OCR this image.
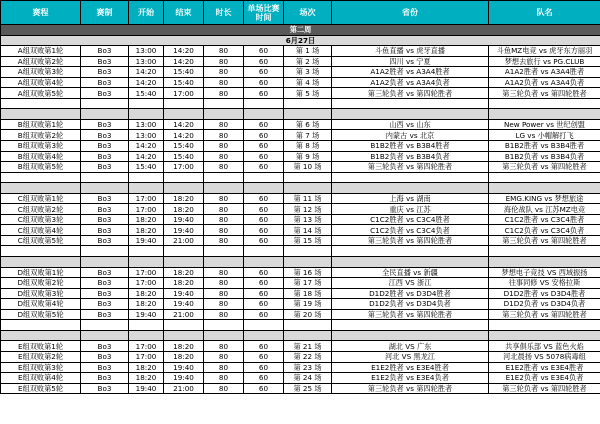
赛程	赛制	开始	结束	时长	单场比赛时间	场次	省份	队名
第二周								
6月27日								
A组双败第1轮	Bo3	13:00	14:20	80	60	第 1 场	斗鱼直播 vs 虎牙直播	斗鱼MZ电竞 vs 虎牙东方丽羽
A组双败第2轮	Bo3	13:00	14:20	80	60	第 2 场	四川 vs 宁夏	梦想去旅行 vs PG.CLUB
A组双败第3轮	Bo3	14:20	15:40	80	60	第 3 场	A1A2胜者 vs A3A4胜者	A1A2胜者 vs A3A4胜者
A组双败第4轮	Bo3	14:20	15:40	80	60	第 4 场	A1A2负者 vs A3A4负者	A1A2负者 vs A3A4负者
A组双败第5轮	Bo3	15:40	17:00	80	60	第 5 场	第三轮负者 vs 第四轮胜者	第三轮负者 vs 第四轮胜者

B组双败第1轮	Bo3	13:00	14:20	80	60	第 6 场	山西 vs 山东	New Power vs 世纪创盟
B组双败第2轮	Bo3	13:00	14:20	80	60	第 7 场	内蒙古 vs 北京	LG vs 小帽解打飞
B组双败第3轮	Bo3	14:20	15:40	80	60	第 8 场	B1B2胜者 vs B3B4胜者	B1B2胜者 vs B3B4胜者
B组双败第4轮	Bo3	14:20	15:40	80	60	第 9 场	B1B2负者 vs B3B4负者	B1B2负者 vs B3B4负者
B组双败第5轮	Bo3	15:40	17:00	80	60	第 10 场	第三轮负者 vs 第四轮胜者	第三轮负者 vs 第四轮胜者

C组双败第1轮	Bo3	17:00	18:20	80	60	第 11 场	上海 vs 湖南	EMG.KING vs 梦想旅途
C组双败第2轮	Bo3	17:00	18:20	80	60	第 12 场	重庆 vs 江苏	海伦战队 vs 江苏MZ电竞
C组双败第3轮	Bo3	18:20	19:40	80	60	第 13 场	C1C2胜者 vs C3C4胜者	C1C2胜者 vs C3C4胜者
C组双败第4轮	Bo3	18:20	19:40	80	60	第 14 场	C1C2负者 vs C3C4负者	C1C2负者 vs C3C4负者
C组双败第5轮	Bo3	19:40	21:00	80	60	第 15 场	第三轮负者 vs 第四轮胜者	第三轮负者 vs 第四轮胜者

D组双败第1轮	Bo3	17:00	18:20	80	60	第 16 场	全民直播 vs 新疆	梦想电子竞技 VS 西域振扬
D组双败第2轮	Bo3	17:00	18:20	80	60	第 17 场	江西 VS 浙江	往事同修 VS 安格拉斯
D组双败第3轮	Bo3	18:20	19:40	80	60	第 18 场	D1D2胜者 vs D3D4胜者	D1D2胜者 vs D3D4胜者
D组双败第4轮	Bo3	18:20	19:40	80	60	第 19 场	D1D2负者 vs D3D4负者	D1D2负者 vs D3D4负者
D组双败第5轮	Bo3	19:40	21:00	80	60	第 20 场	第三轮负者 vs 第四轮胜者	第三轮负者 vs 第四轮胜者

E组双败第1轮	Bo3	17:00	18:20	80	60	第 21 场	湖北 VS 广东	共享俱乐部 VS 蓝色火焰
E组双败第2轮	Bo3	17:00	18:20	80	60	第 22 场	河北 VS 黑龙江	河北晨扬 VS 5078病毒组
E组双败第3轮	Bo3	18:20	19:40	80	60	第 23 场	E1E2胜者 vs E3E4胜者	E1E2胜者 vs E3E4胜者
E组双败第4轮	Bo3	18:20	19:40	80	60	第 24 场	E1E2负者 vs E3E4负者	E1E2负者 vs E3E4负者
E组双败第5轮	Bo3	19:40	21:00	80	60	第 25 场	第三轮负者 vs 第四轮胜者	第三轮负者 vs 第四轮胜者
